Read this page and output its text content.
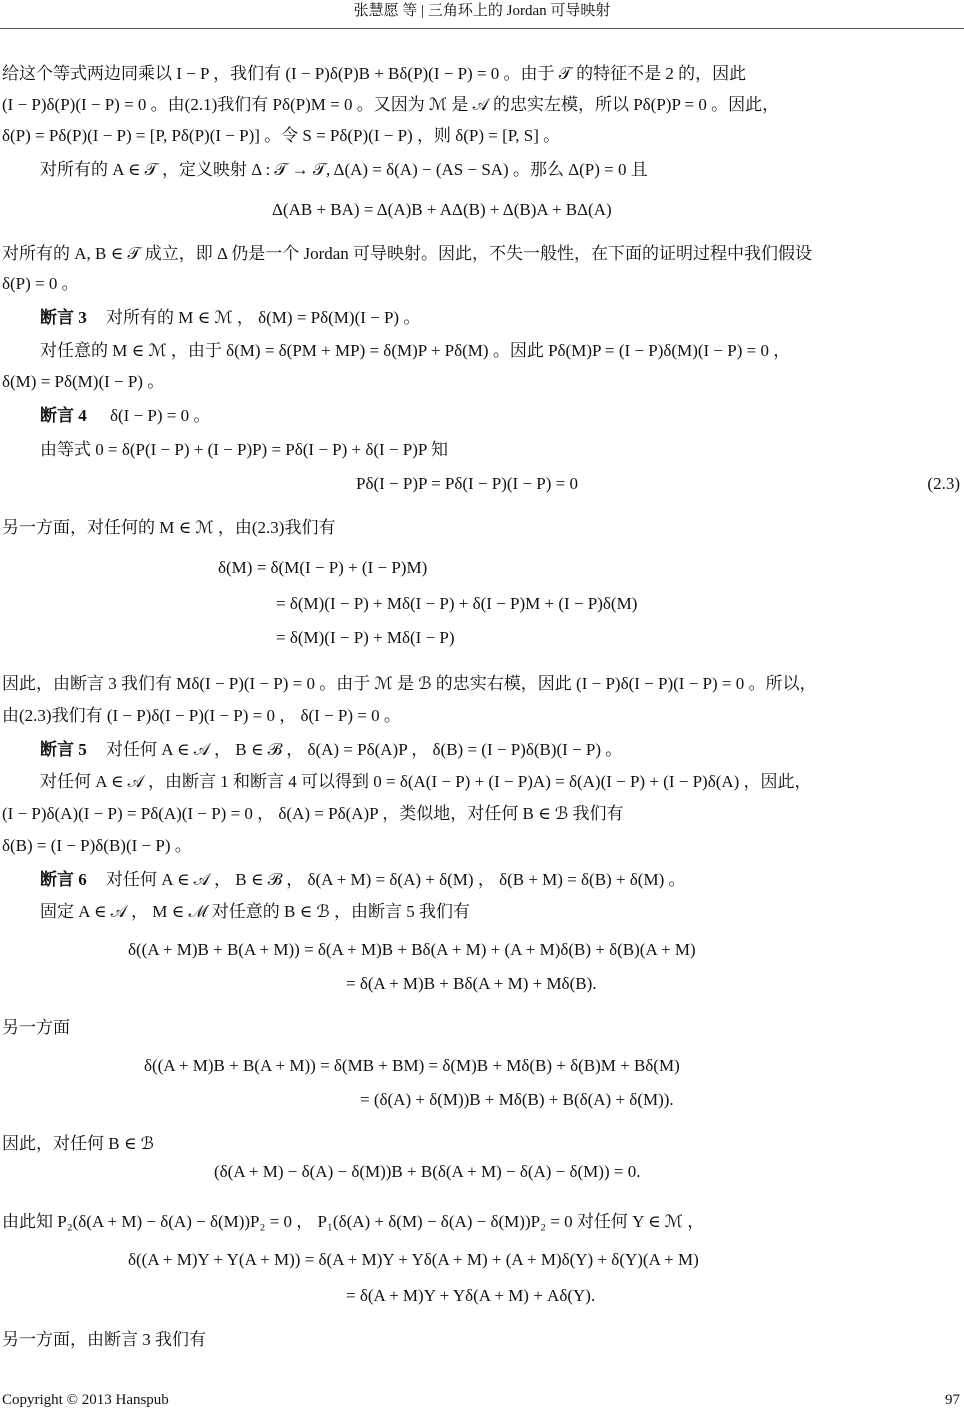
张慧愿 等 | 三角环上的 Jordan 可导映射
给这个等式两边同乘以 I − P ，我们有 (I − P)δ(P)B + Bδ(P)(I − P) = 0 。由于 𝒯 的特征不是 2 的，因此
(I − P)δ(P)(I − P) = 0 。由(2.1)我们有 Pδ(P)M = 0 。又因为 ℳ 是 𝒜 的忠实左模，所以 Pδ(P)P = 0 。因此，
δ(P) = Pδ(P)(I − P) = [P, Pδ(P)(I − P)] 。令 S = Pδ(P)(I − P) ，则 δ(P) = [P, S] 。
对所有的 A ∈ 𝒯 ，定义映射 Δ : 𝒯 → 𝒯, Δ(A) = δ(A) − (AS − SA) 。那么 Δ(P) = 0 且
Δ(AB + BA) = Δ(A)B + AΔ(B) + Δ(B)A + BΔ(A)
对所有的 A, B ∈ 𝒯 成立，即 Δ 仍是一个 Jordan 可导映射。因此，不失一般性，在下面的证明过程中我们假设
δ(P) = 0 。
断言 3 对所有的 M ∈ ℳ ， δ(M) = Pδ(M)(I − P) 。
对任意的 M ∈ ℳ ，由于 δ(M) = δ(PM + MP) = δ(M)P + Pδ(M) 。因此 Pδ(M)P = (I − P)δ(M)(I − P) = 0 ，
δ(M) = Pδ(M)(I − P) 。
断言 4 δ(I − P) = 0 。
由等式 0 = δ(P(I − P) + (I − P)P) = Pδ(I − P) + δ(I − P)P 知
Pδ(I − P)P = Pδ(I − P)(I − P) = 0	(2.3)
另一方面，对任何的 M ∈ ℳ ，由(2.3)我们有
δ(M) = δ(M(I − P) + (I − P)M)
= δ(M)(I − P) + Mδ(I − P) + δ(I − P)M + (I − P)δ(M)
= δ(M)(I − P) + Mδ(I − P)
因此，由断言 3 我们有 Mδ(I − P)(I − P) = 0 。由于 ℳ 是 ℬ 的忠实右模，因此 (I − P)δ(I − P)(I − P) = 0 。所以，
由(2.3)我们有 (I − P)δ(I − P)(I − P) = 0 ， δ(I − P) = 0 。
断言 5 对任何 A ∈ 𝒜 ， B ∈ ℬ ， δ(A) = Pδ(A)P ， δ(B) = (I − P)δ(B)(I − P) 。
对任何 A ∈ 𝒜 ，由断言 1 和断言 4 可以得到 0 = δ(A(I − P) + (I − P)A) = δ(A)(I − P) + (I − P)δ(A) ，因此，
(I − P)δ(A)(I − P) = Pδ(A)(I − P) = 0 ， δ(A) = Pδ(A)P ，类似地，对任何 B ∈ ℬ 我们有
δ(B) = (I − P)δ(B)(I − P) 。
断言 6 对任何 A ∈ 𝒜 ， B ∈ ℬ ， δ(A + M) = δ(A) + δ(M) ， δ(B + M) = δ(B) + δ(M) 。
固定 A ∈ 𝒜 ， M ∈ ℳ 对任意的 B ∈ ℬ ，由断言 5 我们有
δ((A + M)B + B(A + M)) = δ(A + M)B + Bδ(A + M) + (A + M)δ(B) + δ(B)(A + M)
= δ(A + M)B + Bδ(A + M) + Mδ(B).
另一方面
δ((A + M)B + B(A + M)) = δ(MB + BM) = δ(M)B + Mδ(B) + δ(B)M + Bδ(M)
= (δ(A) + δ(M))B + Mδ(B) + B(δ(A) + δ(M)).
因此，对任何 B ∈ ℬ
(δ(A + M) − δ(A) − δ(M))B + B(δ(A + M) − δ(A) − δ(M)) = 0.
由此知 P₂(δ(A + M) − δ(A) − δ(M))P₂ = 0 ， P₁(δ(A) + δ(M) − δ(A) − δ(M))P₂ = 0 对任何 Y ∈ ℳ ，
δ((A + M)Y + Y(A + M)) = δ(A + M)Y + Yδ(A + M) + (A + M)δ(Y) + δ(Y)(A + M)
= δ(A + M)Y + Yδ(A + M) + Aδ(Y).
另一方面，由断言 3 我们有
Copyright © 2013 Hanspub	97
